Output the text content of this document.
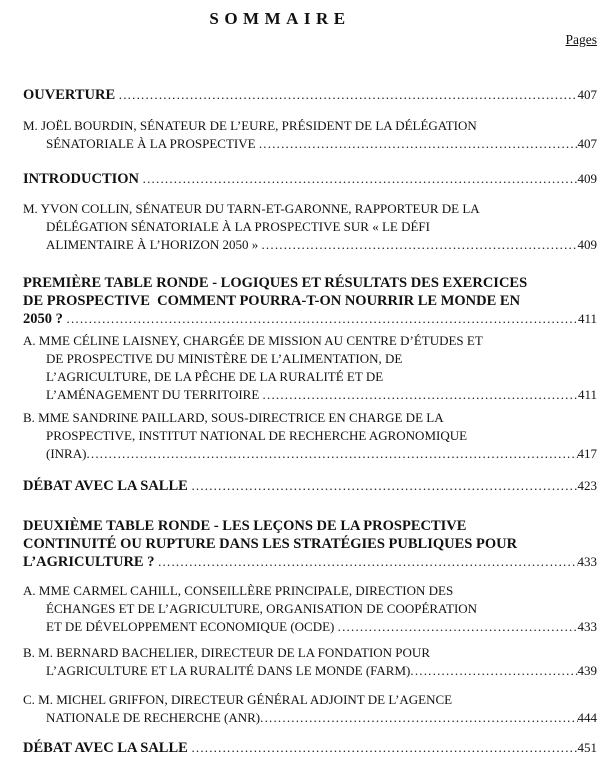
SOMMAIRE
Pages
OUVERTURE .....	407
M. JOËL BOURDIN, SÉNATEUR DE L’EURE, PRÉSIDENT DE LA DÉLÉGATION
SÉNATORIALE À LA PROSPECTIVE .....	407
INTRODUCTION .....	409
M. YVON COLLIN, SÉNATEUR DU TARN-ET-GARONNE, RAPPORTEUR DE LA
DÉLÉGATION SÉNATORIALE À LA PROSPECTIVE SUR « LE DÉFI
ALIMENTAIRE À L’HORIZON 2050 » .....	409
PREMIÈRE TABLE RONDE - LOGIQUES ET RÉSULTATS DES EXERCICES
DE PROSPECTIVE  COMMENT POURRA-T-ON NOURRIR LE MONDE EN
2050 ? .....	411
A. MME CÉLINE LAISNEY, CHARGÉE DE MISSION AU CENTRE D’ÉTUDES ET
DE PROSPECTIVE DU MINISTÈRE DE L’ALIMENTATION, DE
L’AGRICULTURE, DE LA PÊCHE DE LA RURALITÉ ET DE
L’AMÉNAGEMENT DU TERRITOIRE .....	411
B. MME SANDRINE PAILLARD, SOUS-DIRECTRICE EN CHARGE DE LA
PROSPECTIVE, INSTITUT NATIONAL DE RECHERCHE AGRONOMIQUE
(INRA) .....	417
DÉBAT AVEC LA SALLE .....	423
DEUXIÈME TABLE RONDE - LES LEÇONS DE LA PROSPECTIVE
CONTINUITÉ OU RUPTURE DANS LES STRATÉGIES PUBLIQUES POUR
L’AGRICULTURE ? .....	433
A. MME CARMEL CAHILL, CONSEILLÈRE PRINCIPALE, DIRECTION DES
ÉCHANGES ET DE L’AGRICULTURE, ORGANISATION DE COOPÉRATION
ET DE DÉVELOPPEMENT ECONOMIQUE (OCDE) .....	433
B. M. BERNARD BACHELIER, DIRECTEUR DE LA FONDATION POUR
L’AGRICULTURE ET LA RURALITÉ DANS LE MONDE (FARM) .....	439
C. M. MICHEL GRIFFON, DIRECTEUR GÉNÉRAL ADJOINT DE L’AGENCE
NATIONALE DE RECHERCHE (ANR) .....	444
DÉBAT AVEC LA SALLE .....	451
